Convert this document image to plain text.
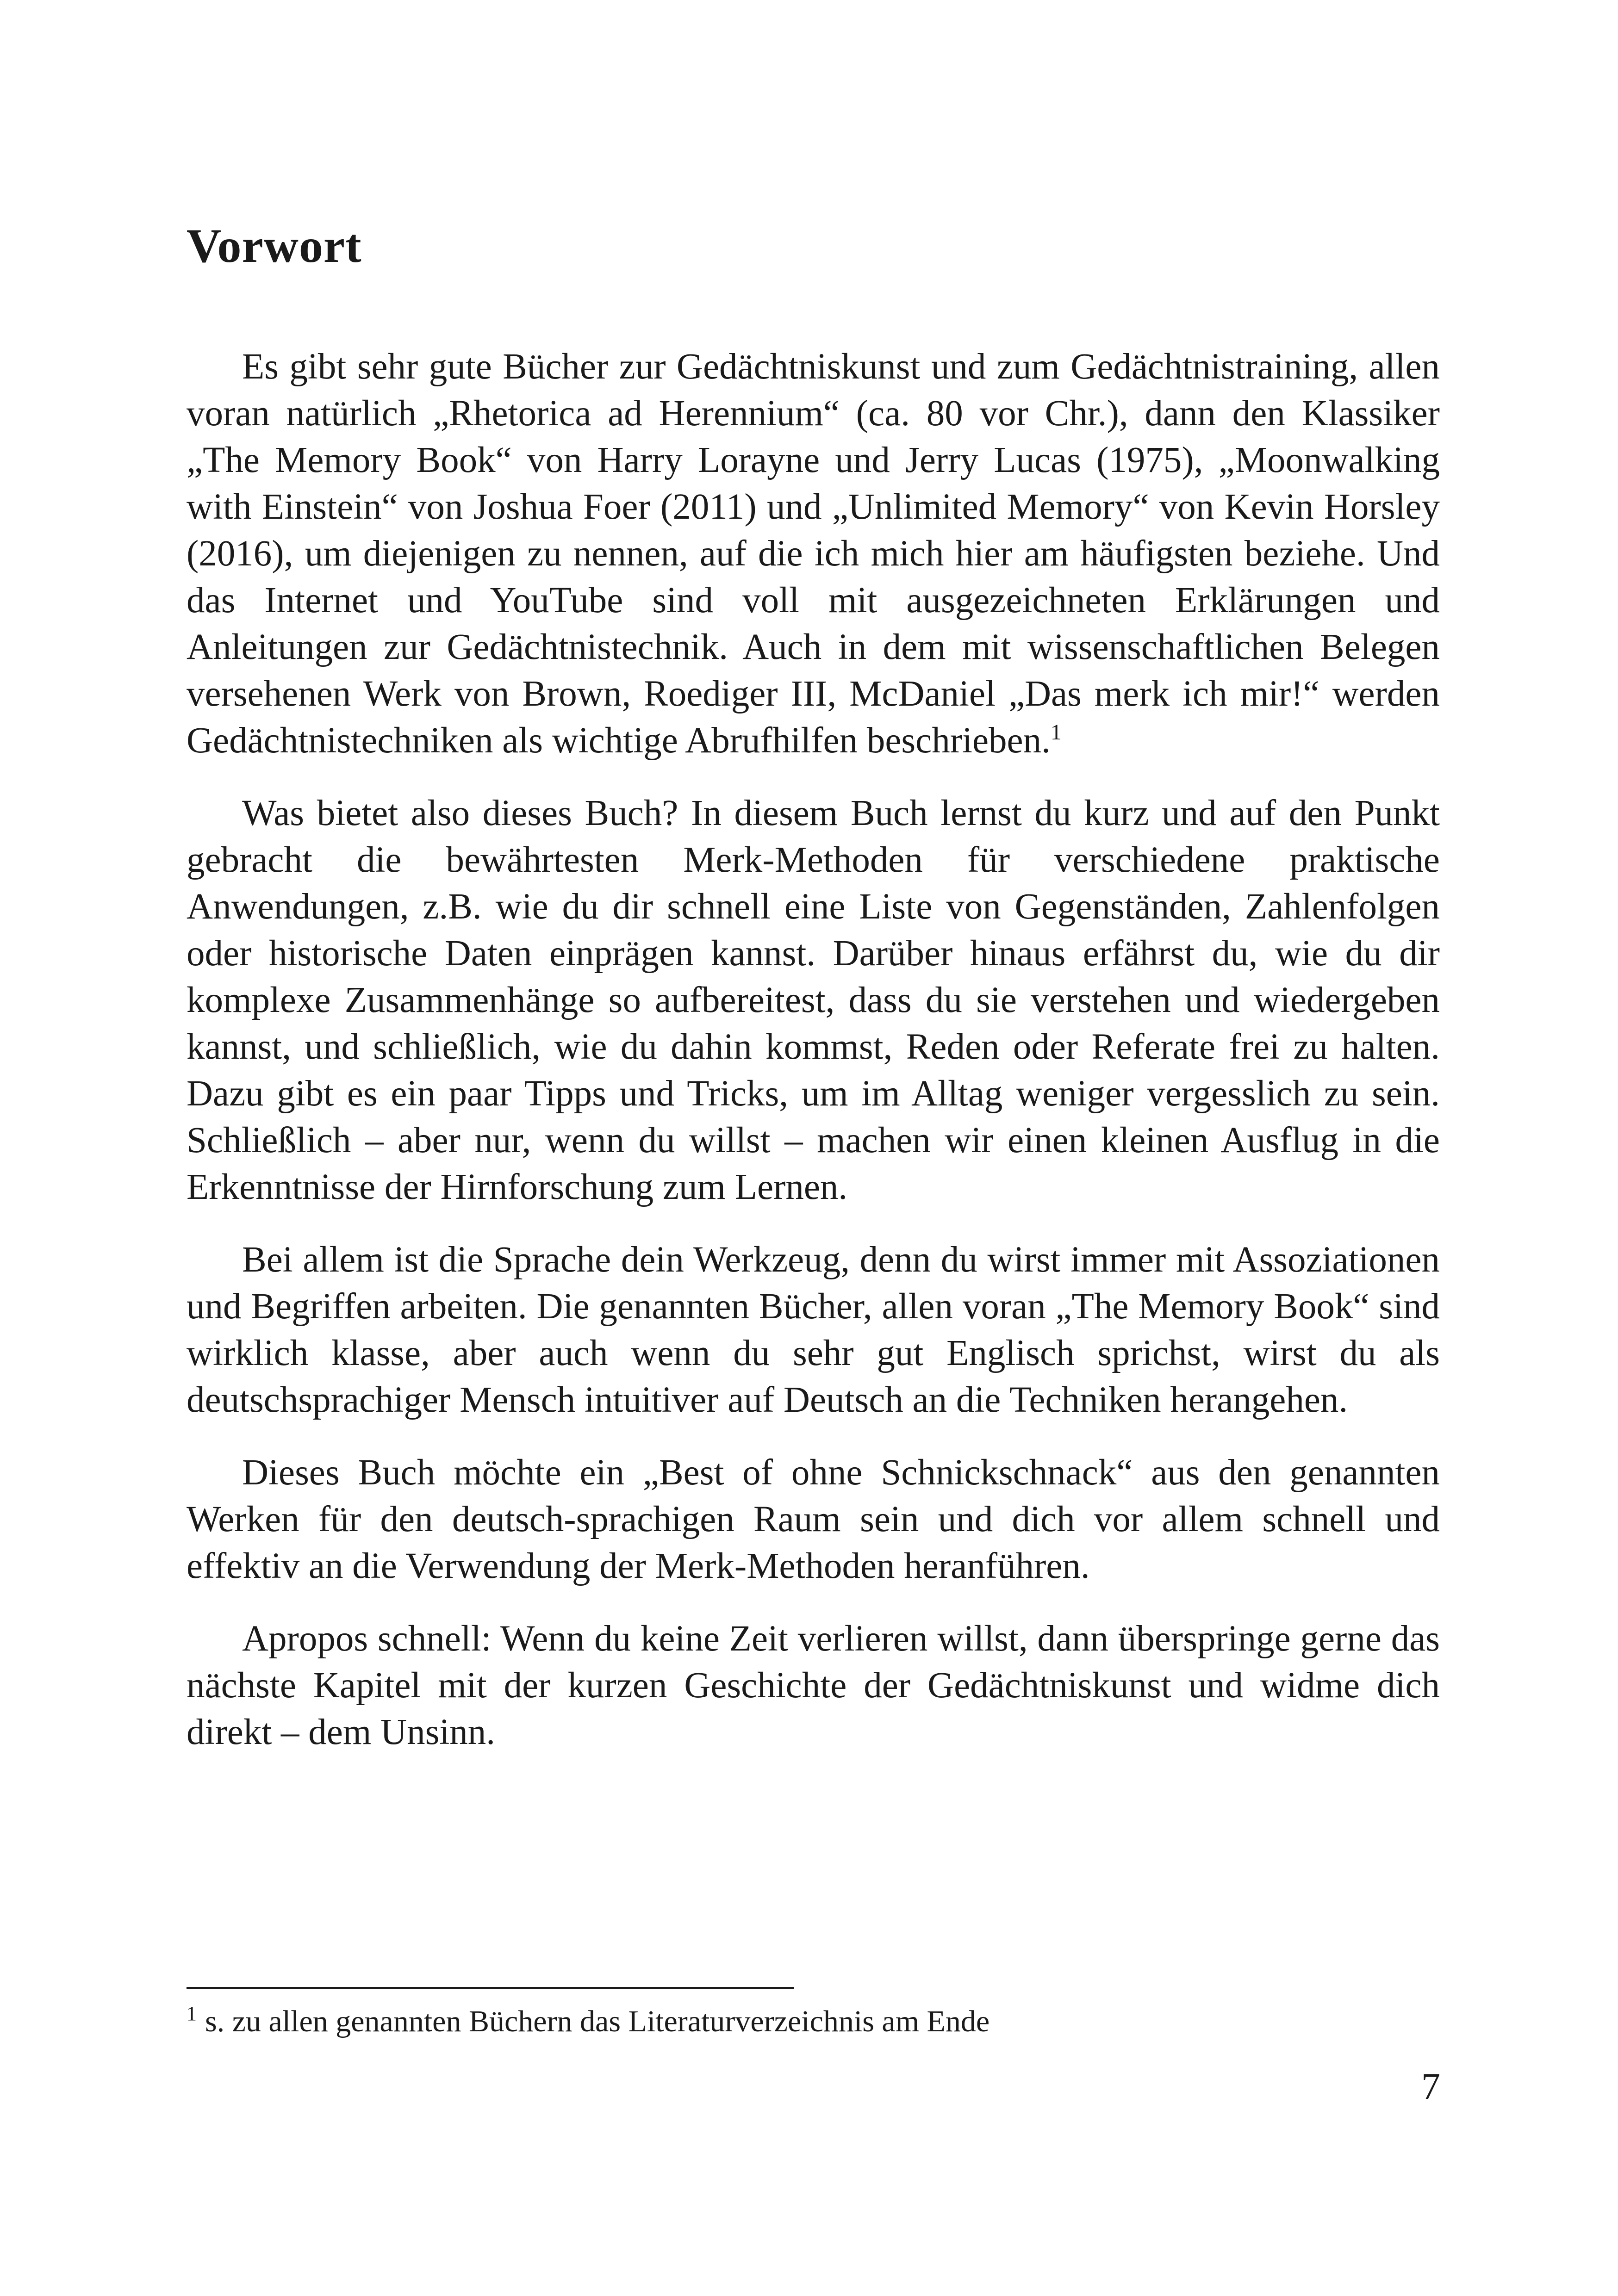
Vorwort

Es gibt sehr gute Bücher zur Gedächtniskunst und zum Gedächtnistraining, allen voran natürlich „Rhetorica ad Herennium“ (ca. 80 vor Chr.), dann den Klassiker „The Memory Book“ von Harry Lorayne und Jerry Lucas (1975), „Moonwalking with Einstein“ von Joshua Foer (2011) und „Unlimited Memory“ von Kevin Horsley (2016), um diejenigen zu nennen, auf die ich mich hier am häufigsten beziehe. Und das Internet und YouTube sind voll mit ausgezeichneten Erklärungen und Anleitungen zur Gedächtnistechnik. Auch in dem mit wissenschaftlichen Belegen versehenen Werk von Brown, Roediger III, McDaniel „Das merk ich mir!“ werden Gedächtnistechniken als wichtige Abrufhilfen beschrieben.$^1$

Was bietet also dieses Buch? In diesem Buch lernst du kurz und auf den Punkt gebracht die bewährtesten Merk-Methoden für verschiedene praktische Anwendungen, z.B. wie du dir schnell eine Liste von Gegenständen, Zahlenfolgen oder historische Daten einprägen kannst. Darüber hinaus erfährst du, wie du dir komplexe Zusammenhänge so aufbereitest, dass du sie verstehen und wiedergeben kannst, und schließlich, wie du dahin kommst, Reden oder Referate frei zu halten. Dazu gibt es ein paar Tipps und Tricks, um im Alltag weniger vergesslich zu sein. Schließlich – aber nur, wenn du willst – machen wir einen kleinen Ausflug in die Erkenntnisse der Hirnforschung zum Lernen.

Bei allem ist die Sprache dein Werkzeug, denn du wirst immer mit Assoziationen und Begriffen arbeiten. Die genannten Bücher, allen voran „The Memory Book“ sind wirklich klasse, aber auch wenn du sehr gut Englisch sprichst, wirst du als deutschsprachiger Mensch intuitiver auf Deutsch an die Techniken herangehen.

Dieses Buch möchte ein „Best of ohne Schnickschnack“ aus den genannten Werken für den deutsch-sprachigen Raum sein und dich vor allem schnell und effektiv an die Verwendung der Merk-Methoden heranführen.

Apropos schnell: Wenn du keine Zeit verlieren willst, dann überspringe gerne das nächste Kapitel mit der kurzen Geschichte der Gedächtniskunst und widme dich direkt – dem Unsinn.

$^1$ s. zu allen genannten Büchern das Literaturverzeichnis am Ende
7
